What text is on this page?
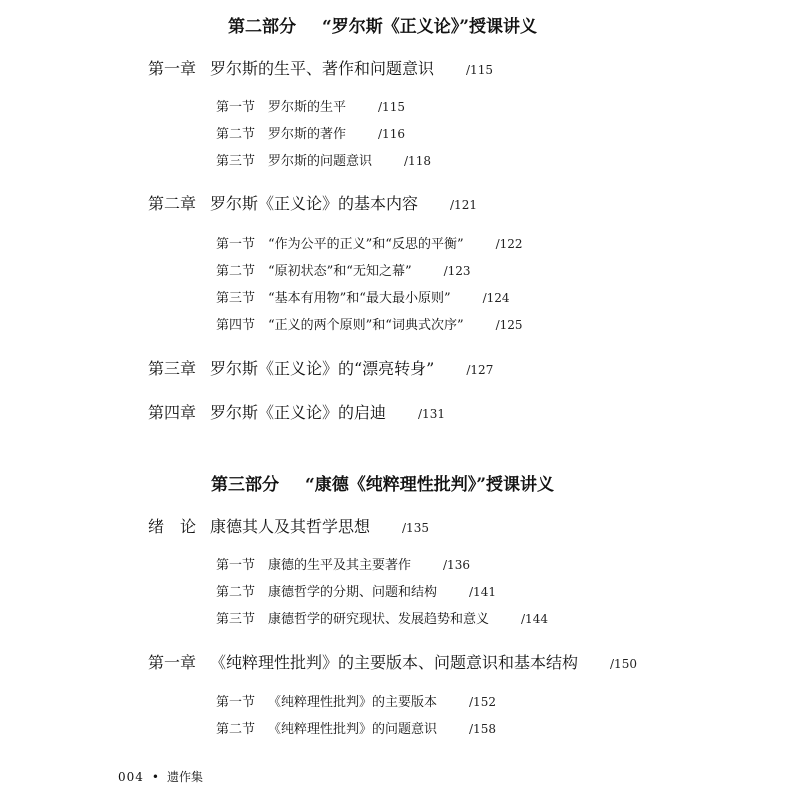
第二部分 “罗尔斯《正义论》”授课讲义
第一章 罗尔斯的生平、著作和问题意识	/115
第一节 罗尔斯的生平	/115
第二节 罗尔斯的著作	/116
第三节 罗尔斯的问题意识	/118
第二章 罗尔斯《正义论》的基本内容	/121
第一节 “作为公平的正义”和“反思的平衡”	/122
第二节 “原初状态”和“无知之幕”	/123
第三节 “基本有用物”和“最大最小原则”	/124
第四节 “正义的两个原则”和“词典式次序”	/125
第三章 罗尔斯《正义论》的“漂亮转身”	/127
第四章 罗尔斯《正义论》的启迪	/131
第三部分 “康德《纯粹理性批判》”授课讲义
绪　论 康德其人及其哲学思想	/135
第一节 康德的生平及其主要著作	/136
第二节 康德哲学的分期、问题和结构	/141
第三节 康德哲学的研究现状、发展趋势和意义	/144
第一章 《纯粹理性批判》的主要版本、问题意识和基本结构	/150
第一节 《纯粹理性批判》的主要版本	/152
第二节 《纯粹理性批判》的问题意识	/158
004 • 遗作集
